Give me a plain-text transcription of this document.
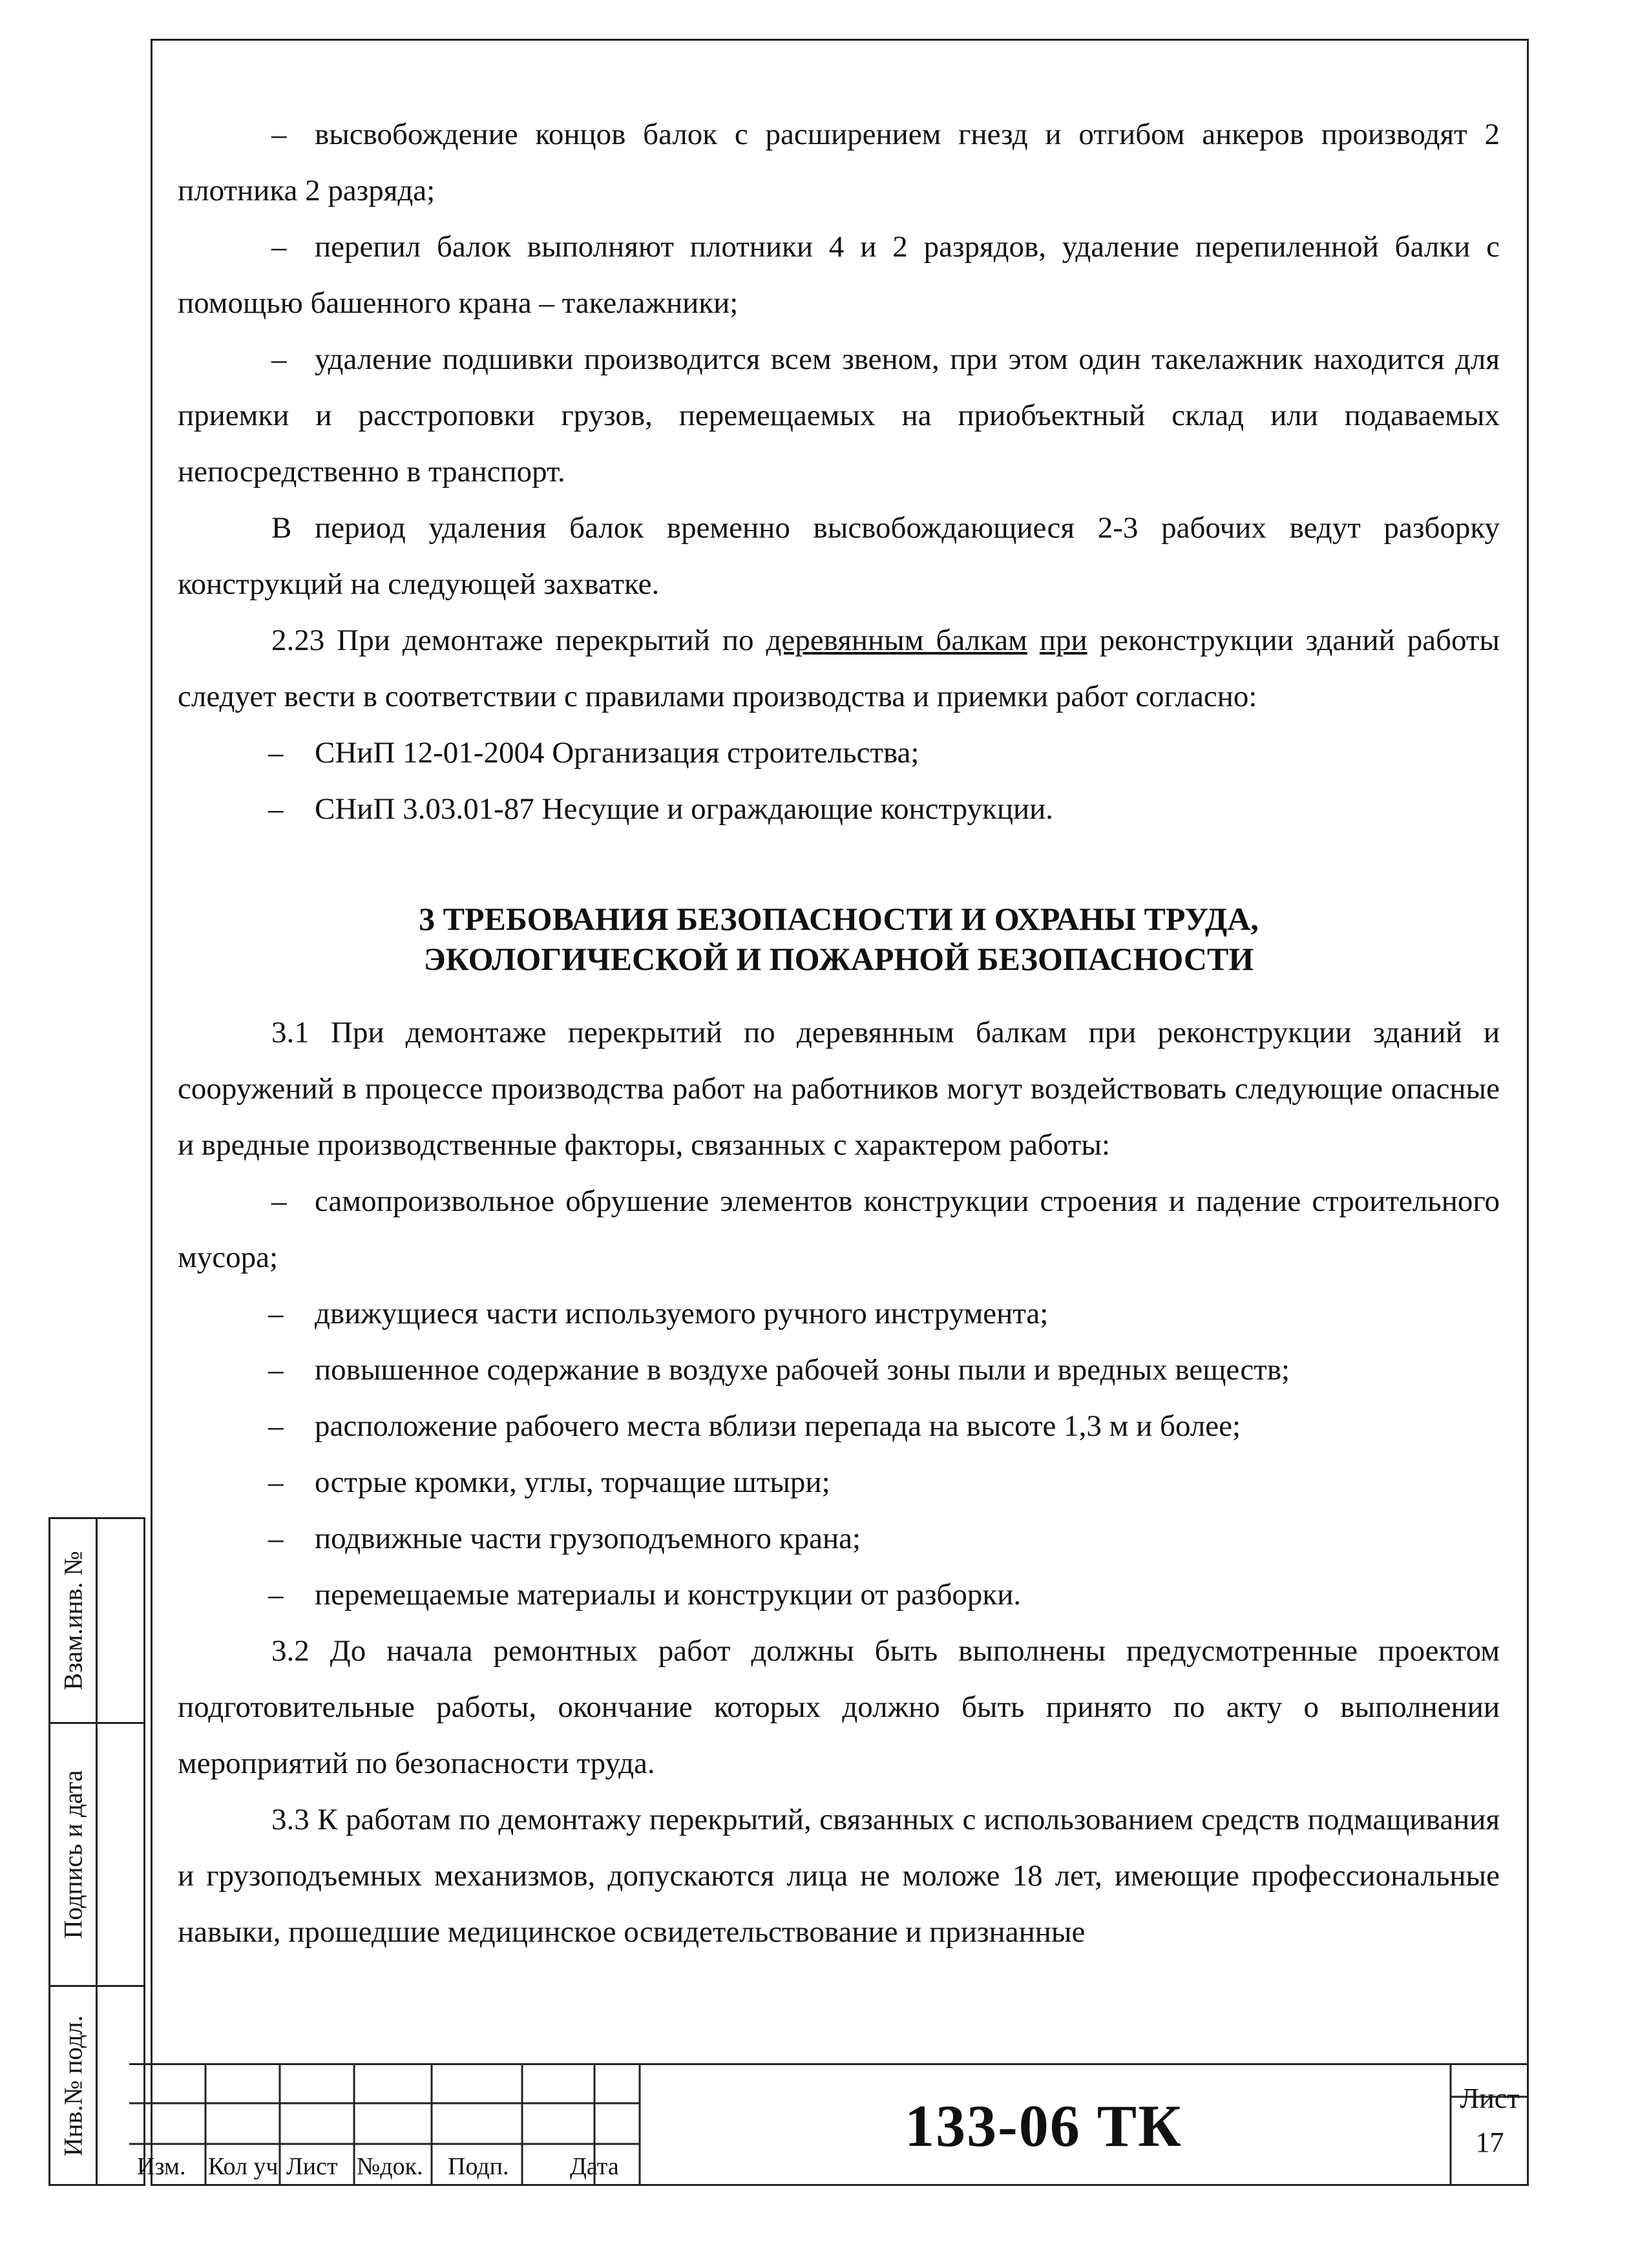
– высвобождение концов балок с расширением гнезд и отгибом анкеров производят 2 плотника 2 разряда;

– перепил балок выполняют плотники 4 и 2 разрядов, удаление перепиленной балки с помощью башенного крана – такелажники;

– удаление подшивки производится всем звеном, при этом один такелажник находится для приемки и расстроповки грузов, перемещаемых на приобъектный склад или подаваемых непосредственно в транспорт.

В период удаления балок временно высвобождающиеся 2-3 рабочих ведут разборку конструкций на следующей захватке.

2.23 При демонтаже перекрытий по деревянным балкам при реконструкции зданий работы следует вести в соответствии с правилами производства и приемки работ согласно:

– СНиП 12-01-2004 Организация строительства;
– СНиП 3.03.01-87 Несущие и ограждающие конструкции.
3 ТРЕБОВАНИЯ БЕЗОПАСНОСТИ И ОХРАНЫ ТРУДА,
ЭКОЛОГИЧЕСКОЙ И ПОЖАРНОЙ БЕЗОПАСНОСТИ

3.1 При демонтаже перекрытий по деревянным балкам при реконструкции зданий и сооружений в процессе производства работ на работников могут воздействовать следующие опасные и вредные производственные факторы, связанных с характером работы:

– самопроизвольное обрушение элементов конструкции строения и падение строительного мусора;

– движущиеся части используемого ручного инструмента;
– повышенное содержание в воздухе рабочей зоны пыли и вредных веществ;
– расположение рабочего места вблизи перепада на высоте 1,3 м и более;
– острые кромки, углы, торчащие штыри;
– подвижные части грузоподъемного крана;
– перемещаемые материалы и конструкции от разборки.

3.2 До начала ремонтных работ должны быть выполнены предусмотренные проектом подготовительные работы, окончание которых должно быть принято по акту о выполнении мероприятий по безопасности труда.

3.3 К работам по демонтажу перекрытий, связанных с использованием средств подмащивания и грузоподъемных механизмов, допускаются лица не моложе 18 лет, имеющие профессиональные навыки, прошедшие медицинское освидетельствование и признанные

Взам.инв. №
Подпись и дата
Инв.№ подл.
Изм. Кол уч Лист №док. Подп. Дата
133-06 ТК	Лист
17
